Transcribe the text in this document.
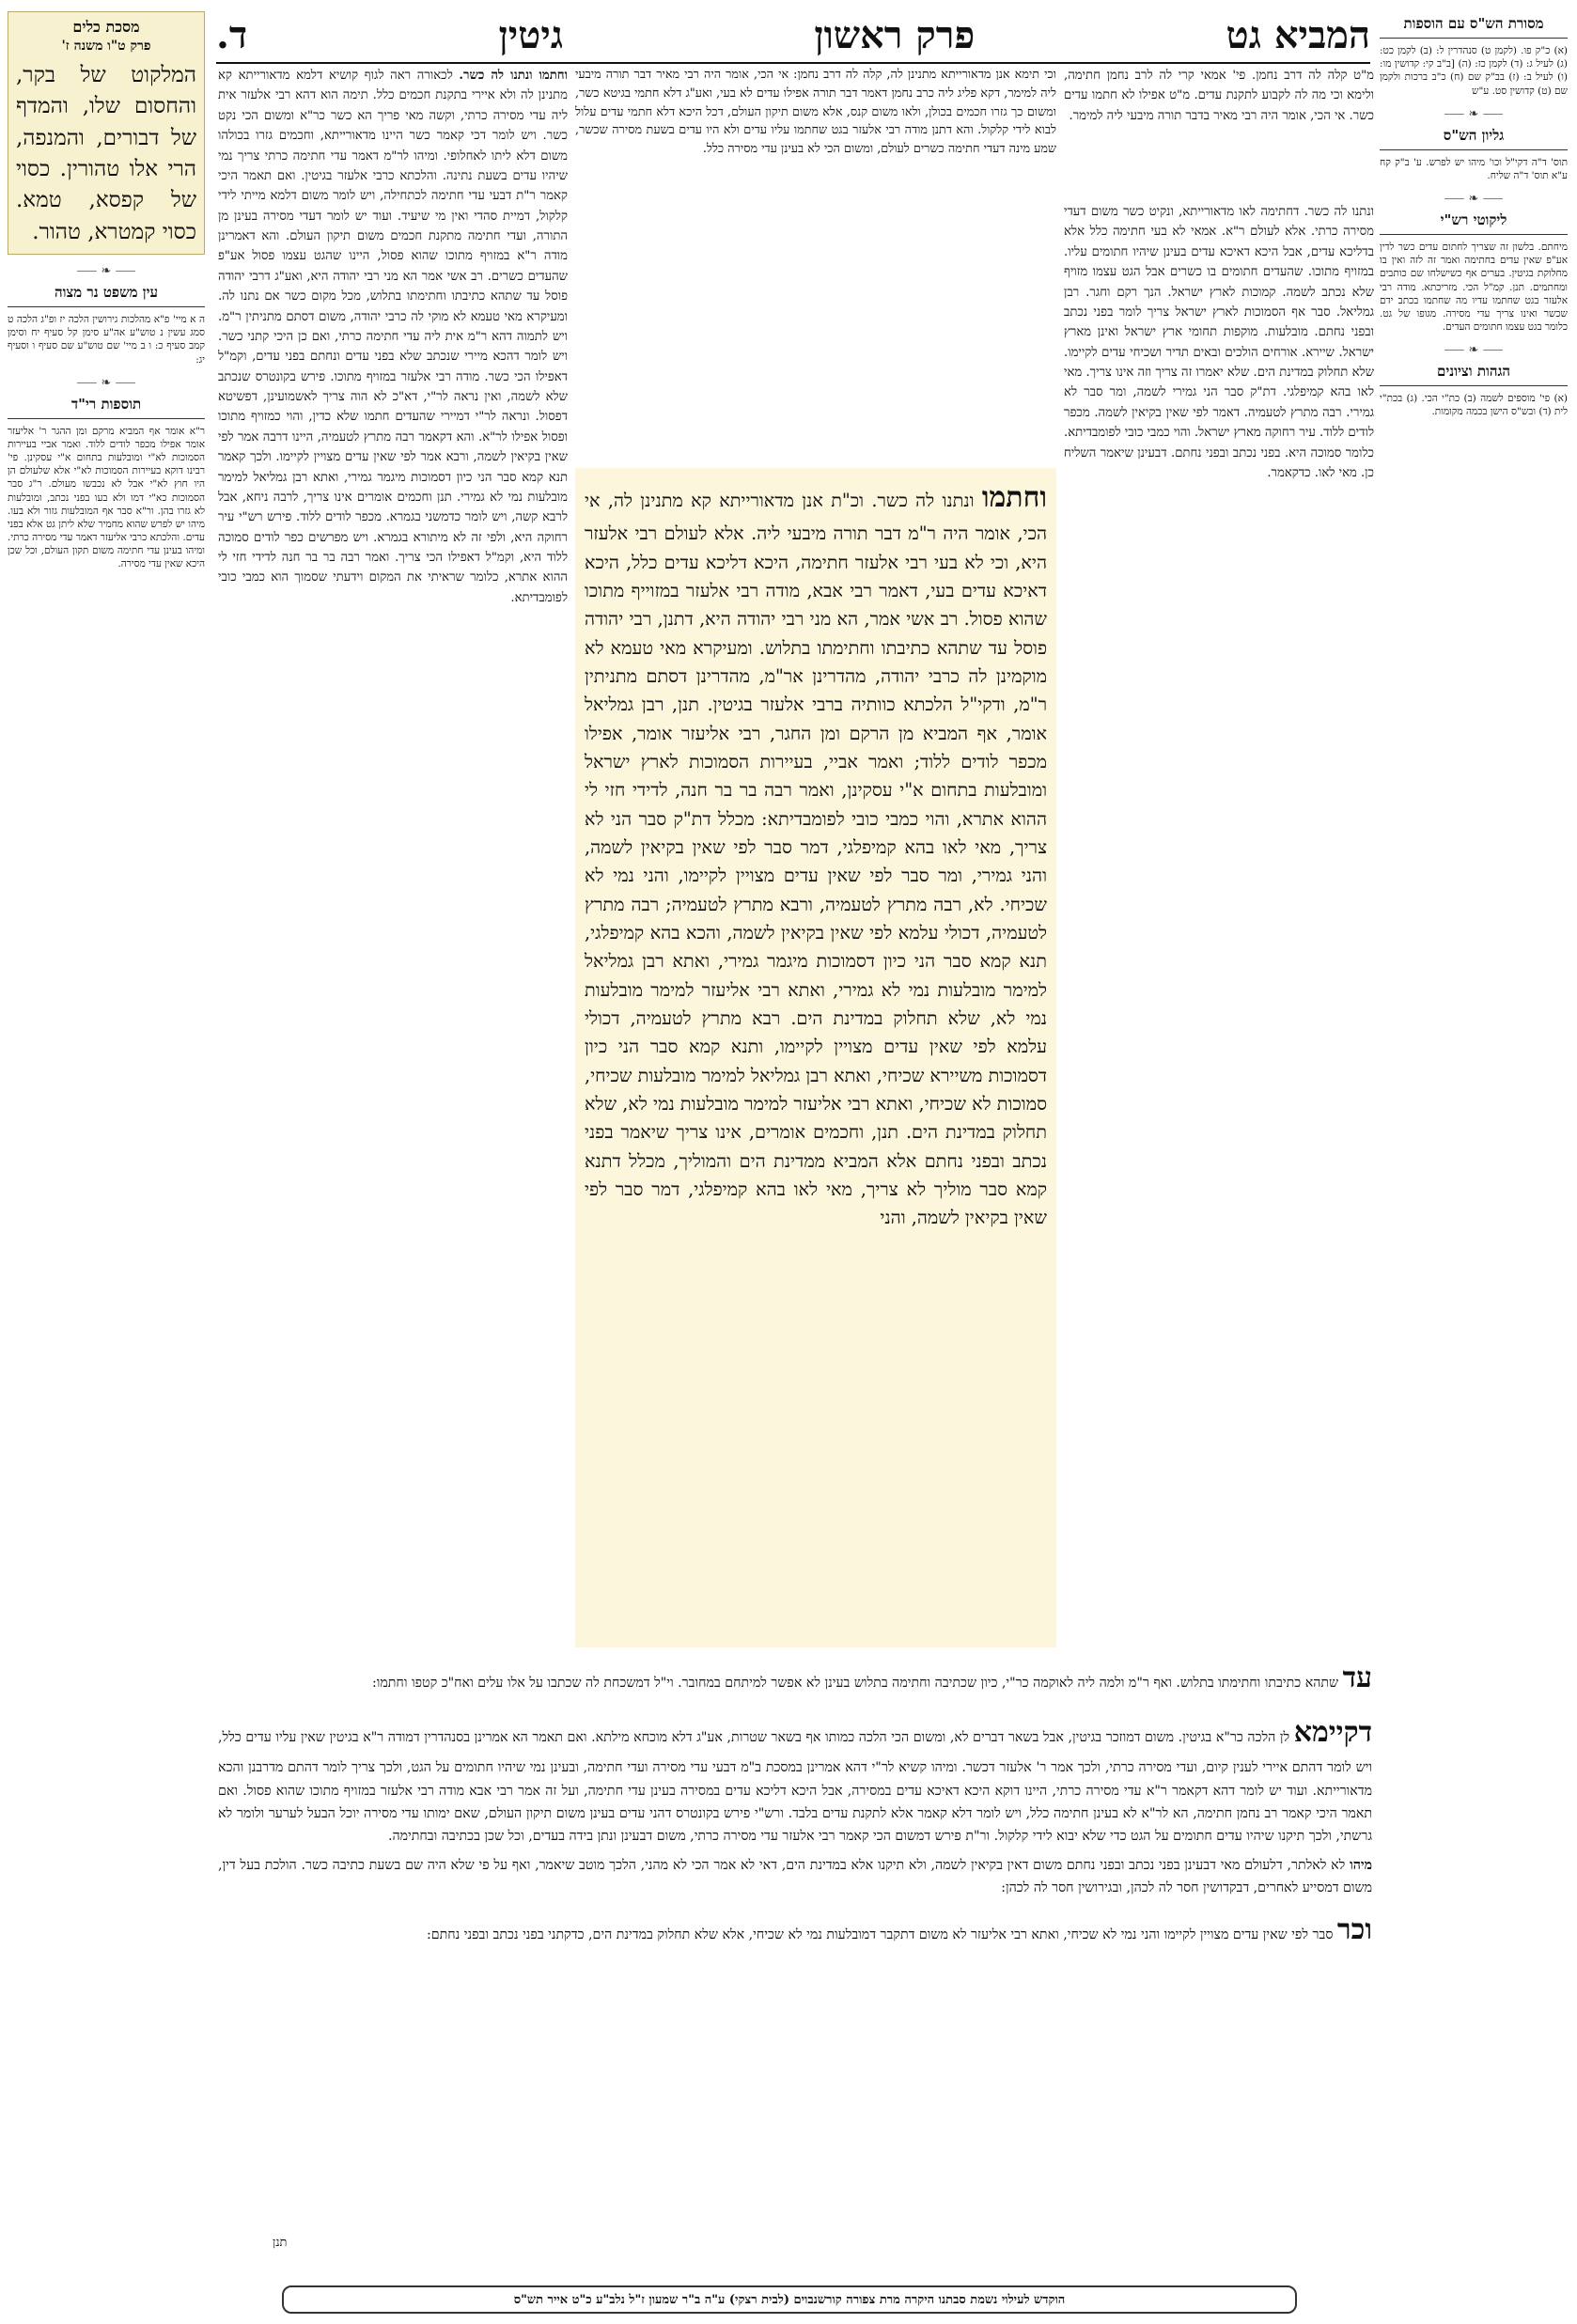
המביא גט
פרק ראשון
גיטין
ד.	מסורת הש"ס עם הוספות
(א) כ"ק פו. (לקמן ט) סנהדרין ל: (ב) לקמן כט: (ג) לעיל ג: (ד) לקמן כז: (ה) [ב"ב קי: קדושין מו: (ו) לעיל ב: (ז) בב"ק שם (ח) כ"ב ברכות ולקמן שם (ט) קדושין סט. ע"ש
⸺ ❧ ⸺
גליון הש"ס
תוס' ד"ה דקי"ל וכו' מיהו יש לפרש. ע' ב"ק קח ע"א תוס' ד"ה שליח.
⸺ ❧ ⸺
ליקוטי רש"י
מיחתם. בלשון זה שצריך לחתום עדים כשר לדין אע"פ שאין עדים בחתימה ואמר זה לזה ואין בו מחלוקת בגיטין. בערים אף כשישלחו שם כותבים ומחתמים. תנן. קמ"ל הכי. מזריכתא. מודה רבי אלעזר בגט שחתמו עדיו מה שחתמו בכתב ידם שכשר ואינו צריך עדי מסירה. מגופו של גט. כלומר בגט עצמו חתומים העדים.
⸺ ❧ ⸺
הגהות וציונים
(א) פי' מוספים לשמה (ב) כת"י הכי. (ג) בכת"י לית (ד) ובש"ס הישן בכמה מקומות.
מסכת כלים
פרק ט"ו משנה ז'
המלקוט של בקר, והחסום שלו, והמדף של דבורים, והמנפה, הרי אלו טהורין. כסוי של קפסא, טמא. כסוי קמטרא, טהור.
⸺ ❧ ⸺
עין משפט נר מצוה
ה א מיי' פ"א מהלכות גירושין הלכה יז ופ"ג הלכה ט סמג עשין נ טוש"ע אה"ע סימן קל סעיף יח וסימן קמב סעיף כ: ו ב מיי' שם טוש"ע שם סעיף ו וסעיף יג:
⸺ ❧ ⸺
תוספות רי"ד
ר"א אומר אף המביא מרקם ומן ההגר ר' אליעזר אומר אפילו מכפר לודים ללוד. ואמר אביי בעיירות הסמוכות לא"י ומובלעות בתחום א"י עסקינן. פי' רבינו דוקא בעיירות הסמוכות לא"י אלא שלעולם הן היו חוץ לא"י אבל לא נכבשו מעולם. ר"ג סבר הסמוכות כא"י דמו ולא בעו בפני נכתב, ומובלעות לא גזרו בהן. ור"א סבר אף המובלעות גזור ולא בעו. מיהו יש לפרש שהוא מחמיר שלא ליתן גט אלא בפני עדים. והלכתא כרבי אליעזר דאמר עדי מסירה כרתי. ומיהו בעינן עדי חתימה משום תקון העולם, וכל שכן היכא שאין עדי מסירה.
מ"ט קלה לה דרב נחמן. פי' אמאי קרי לה לרב נחמן חתימה, ולימא וכי מה לה לקבוע לתקנת עדים. מ"ט אפילו לא חתמו עדים כשר. אי הכי, אומר היה רבי מאיר בדבר תורה מיבעי ליה למימר.
ונתנו לה כשר. דחתימה לאו מדאורייתא, ונקיט כשר משום דעדי מסירה כרתי. אלא לעולם ר"א. אמאי לא בעי חתימה כלל אלא בדליכא עדים, אבל היכא דאיכא עדים בעינן שיהיו חתומים עליו. במזויף מתוכו. שהעדים חתומים בו כשרים אבל הגט עצמו מזויף שלא נכתב לשמה. קמוכות לארץ ישראל. הנך רקם וחגר. רבן גמליאל. סבר אף הסמוכות לארץ ישראל צריך לומר בפני נכתב ובפני נחתם. מובלעות. מוקפות תחומי ארץ ישראל ואינן מארץ ישראל. שיירא. אורחים הולכים ובאים תדיר ושכיחי עדים לקיימו. שלא תחלוק במדינת הים. שלא יאמרו זה צריך וזה אינו צריך. מאי לאו בהא קמיפלגי. דת"ק סבר הני גמירי לשמה, ומר סבר לא גמירי. רבה מתרץ לטעמיה. דאמר לפי שאין בקיאין לשמה. מכפר לודים ללוד. עיר רחוקה מארץ ישראל. והוי כמבי כובי לפומבדיתא. כלומר סמוכה היא. בפני נכתב ובפני נחתם. דבעינן שיאמר השליח כן. מאי לאו. כדקאמר.
וחתמו ונתנו לה כשר. לכאורה ראה לגוף קושיא דלמא מדאורייתא קא מתנינן לה ולא איירי בתקנת חכמים כלל. תימה הוא דהא רבי אלעזר אית ליה עדי מסירה כרתי, וקשה מאי פריך הא כשר כר"א ומשום הכי נקט כשר. ויש לומר דכי קאמר כשר היינו מדאורייתא, וחכמים גזרו בכולהו משום דלא ליתו לאחלופי. ומיהו לר"מ דאמר עדי חתימה כרתי צריך נמי שיהיו עדים בשעת נתינה. והלכתא כרבי אלעזר בגיטין. ואם תאמר היכי קאמר ר"ת דבעי עדי חתימה לכתחילה, ויש לומר משום דלמא מייתי לידי קלקול, דמיית סהדי ואין מי שיעיד. ועוד יש לומר דעדי מסירה בעינן מן התורה, ועדי חתימה מתקנת חכמים משום תיקון העולם. והא דאמרינן מודה ר"א במזויף מתוכו שהוא פסול, היינו שהגט עצמו פסול אע"פ שהעדים כשרים. רב אשי אמר הא מני רבי יהודה היא, ואע"ג דרבי יהודה פוסל עד שתהא כתיבתו וחתימתו בתלוש, מכל מקום כשר אם נתנו לה. ומעיקרא מאי טעמא לא מוקי לה כרבי יהודה, משום דסתם מתניתין ר"מ. ויש לתמוה דהא ר"מ אית ליה עדי חתימה כרתי, ואם כן היכי קתני כשר. ויש לומר דהכא מיירי שנכתב שלא בפני עדים ונחתם בפני עדים, וקמ"ל דאפילו הכי כשר. מודה רבי אלעזר במזויף מתוכו. פירש בקונטרס שנכתב שלא לשמה, ואין נראה לר"י, דא"כ לא הוה צריך לאשמועינן, דפשיטא דפסול. ונראה לר"י דמיירי שהעדים חתמו שלא כדין, והוי כמזויף מתוכו ופסול אפילו לר"א. והא דקאמר רבה מתרץ לטעמיה, היינו דרבה אמר לפי שאין בקיאין לשמה, ורבא אמר לפי שאין עדים מצויין לקיימו. ולכך קאמר תנא קמא סבר הני כיון דסמוכות מיגמר גמירי, ואתא רבן גמליאל למימר מובלעות נמי לא גמירי. תנן וחכמים אומרים אינו צריך, לרבה ניחא, אבל לרבא קשה, ויש לומר כדמשני בגמרא. מכפר לודים ללוד. פירש רש"י עיר רחוקה היא, ולפי זה לא מיתורא בגמרא. ויש מפרשים כפר לודים סמוכה ללוד היא, וקמ"ל דאפילו הכי צריך. ואמר רבה בר בר חנה לדידי חזי לי ההוא אתרא, כלומר שראיתי את המקום וידעתי שסמוך הוא כמבי כובי לפומבדיתא.
וכי תימא אנן מדאורייתא מתנינן לה, קלה לה דרב נחמן: אי הכי, אומר היה רבי מאיר דבר תורה מיבעי ליה למימר, דקא פליג ליה כרב נחמן דאמר דבר תורה אפילו עדים לא בעי, ואע"ג דלא חתמי בגיטא כשר, ומשום כך גזרו חכמים בכולן, ולאו משום קנס, אלא משום תיקון העולם, דכל היכא דלא חתמי עדים עלול לבוא לידי קלקול. והא דתנן מודה רבי אלעזר בגט שחתמו עליו עדים ולא היו עדים בשעת מסירה שכשר, שמע מינה דעדי חתימה כשרים לעולם, ומשום הכי לא בעינן עדי מסירה כלל.
וחתמו ונתנו לה כשר. וכ"ת אנן מדאורייתא קא מתנינן לה, אי הכי, אומר היה ר"מ דבר תורה מיבעי ליה. אלא לעולם רבי אלעזר היא, וכי לא בעי רבי אלעזר חתימה, היכא דליכא עדים כלל, היכא דאיכא עדים בעי, דאמר רבי אבא, מודה רבי אלעזר במזוייף מתוכו שהוא פסול. רב אשי אמר, הא מני רבי יהודה היא, דתנן, רבי יהודה פוסל עד שתהא כתיבתו וחתימתו בתלוש. ומעיקרא מאי טעמא לא מוקמינן לה כרבי יהודה, מהדרינן אר"מ, מהדרינן דסתם מתניתין ר"מ, ודקי"ל הלכתא כוותיה ברבי אלעזר בגיטין. תנן, רבן גמליאל אומר, אף המביא מן הרקם ומן החגר, רבי אליעזר אומר, אפילו מכפר לודים ללוד; ואמר אביי, בעיירות הסמוכות לארץ ישראל ומובלעות בתחום א"י עסקינן, ואמר רבה בר בר חנה, לדידי חזי לי ההוא אתרא, והוי כמבי כובי לפומבדיתא: מכלל דת"ק סבר הני לא צריך, מאי לאו בהא קמיפלגי, דמר סבר לפי שאין בקיאין לשמה, והני גמירי, ומר סבר לפי שאין עדים מצויין לקיימו, והני נמי לא שכיחי. לא, רבה מתרץ לטעמיה, ורבא מתרץ לטעמיה; רבה מתרץ לטעמיה, דכולי עלמא לפי שאין בקיאין לשמה, והכא בהא קמיפלגי, תנא קמא סבר הני כיון דסמוכות מיגמר גמירי, ואתא רבן גמליאל למימר מובלעות נמי לא גמירי, ואתא רבי אליעזר למימר מובלעות נמי לא, שלא תחלוק במדינת הים. רבא מתרץ לטעמיה, דכולי עלמא לפי שאין עדים מצויין לקיימו, ותנא קמא סבר הני כיון דסמוכות משיירא שכיחי, ואתא רבן גמליאל למימר מובלעות שכיחי, סמוכות לא שכיחי, ואתא רבי אליעזר למימר מובלעות נמי לא, שלא תחלוק במדינת הים. תנן, וחכמים אומרים, אינו צריך שיאמר בפני נכתב ובפני נחתם אלא המביא ממדינת הים והמוליך, מכלל דתנא קמא סבר מוליך לא צריך, מאי לאו בהא קמיפלגי, דמר סבר לפי שאין בקיאין לשמה, והני

עד שתהא כתיבתו וחתימתו בתלוש. ואף ר"מ ולמה ליה לאוקמה כר"י, כיון שכתיבה וחתימה בתלוש בעינן לא אפשר למיתחם במחובר. וי"ל דמשכחת לה שכתבו על אלו עלים ואח"כ קטפו וחתמו:

דקיימא לן הלכה כר"א בגיטין. משום דמוזכר בגיטין, אבל בשאר דברים לא, ומשום הכי הלכה כמותו אף בשאר שטרות, אע"ג דלא מוכחא מילתא. ואם תאמר הא אמרינן בסנהדרין דמודה ר"א בגיטין שאין עליו עדים כלל, ויש לומר דהתם איירי לענין קיום, ועדי מסירה כרתי, ולכך אמר ר' אלעזר דכשר. ומיהו קשיא לר"י דהא אמרינן במסכת ב"מ דבעי עדי מסירה ועדי חתימה, ובעינן נמי שיהיו חתומים על הגט, ולכך צריך לומר דהתם מדרבנן והכא מדאורייתא. ועוד יש לומר דהא דקאמר ר"א עדי מסירה כרתי, היינו דוקא היכא דאיכא עדים במסירה, אבל היכא דליכא עדים במסירה בעינן עדי חתימה, ועל זה אמר רבי אבא מודה רבי אלעזר במזויף מתוכו שהוא פסול. ואם תאמר היכי קאמר רב נחמן חתימה, הא לר"א לא בעינן חתימה כלל, ויש לומר דלא קאמר אלא לתקנת עדים בלבד. ורש"י פירש בקונטרס דהני עדים בעינן משום תיקון העולם, שאם ימותו עדי מסירה יוכל הבעל לערער ולומר לא גרשתי, ולכך תיקנו שיהיו עדים חתומים על הגט כדי שלא יבוא לידי קלקול. ור"ת פירש דמשום הכי קאמר רבי אלעזר עדי מסירה כרתי, משום דבעינן ונתן בידה בעדים, וכל שכן בכתיבה ובחתימה.

מיהו לא לאלתר, דלעולם מאי דבעינן בפני נכתב ובפני נחתם משום דאין בקיאין לשמה, ולא תיקנו אלא במדינת הים, דאי לא אמר הכי לא מהני, הלכך מוטב שיאמר, ואף על פי שלא היה שם בשעת כתיבה כשר. הולכת בעל דין, משום דמסייע לאחרים, דבקדושין חסר לה לכהן, ובגירושין חסר לה לכהן:

וכר סבר לפי שאין עדים מצויין לקיימו והני נמי לא שכיחי, ואתא רבי אליעזר לא משום דתקבר דמובלעות נמי לא שכיחי, אלא שלא תחלוק במדינת הים, כדקתני בפני נכתב ובפני נחתם:

תנן
הוקדש לעילוי נשמת סבתנו היקרה מרת צפורה קורשנבוים (לבית רצקי) ע"ה ב"ר שמעון ז"ל נלב"ע כ"ט אייר תש"ס
